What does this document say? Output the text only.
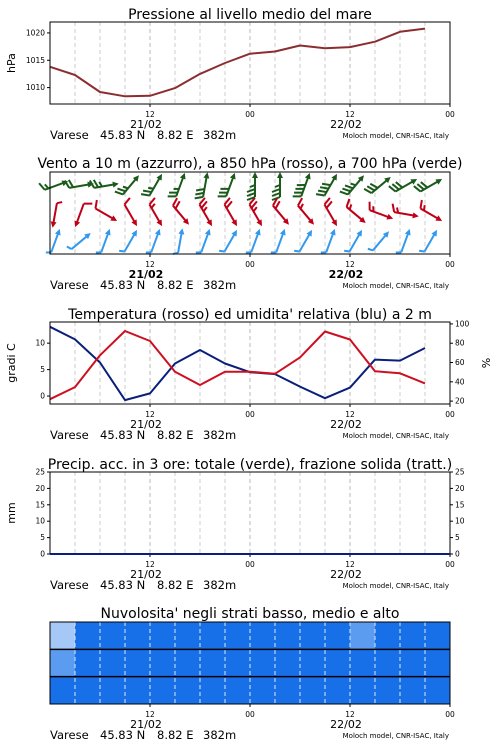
Pressione al livello medio del mare
12	00	12	00
21/02	22/02
Varese 45.83 N 8.82 E 382m	Moloch model, CNR-ISAC, Italy
1010
1015
1020
hPa
Vento a 10 m (azzurro), a 850 hPa (rosso), a 700 hPa (verde)
12	00	12	00
21/02	22/02
Varese 45.83 N 8.82 E 382m	Moloch model, CNR-ISAC, Italy
Temperatura (rosso) ed umidita' relativa (blu) a 2 m
12	00	12	00
21/02	22/02
Varese 45.83 N 8.82 E 382m	Moloch model, CNR-ISAC, Italy
0
5
10
gradi C
20
40
60
80
100
%
Precip. acc. in 3 ore: totale (verde), frazione solida (tratt.)
12	00	12	00
21/02	22/02
Varese 45.83 N 8.82 E 382m	Moloch model, CNR-ISAC, Italy
0
5
10
15
20
25
mm
0
5
10
15
20
25
Nuvolosita' negli strati basso, medio e alto
12	00	12	00
21/02	22/02
Varese 45.83 N 8.82 E 382m	Moloch model, CNR-ISAC, Italy
